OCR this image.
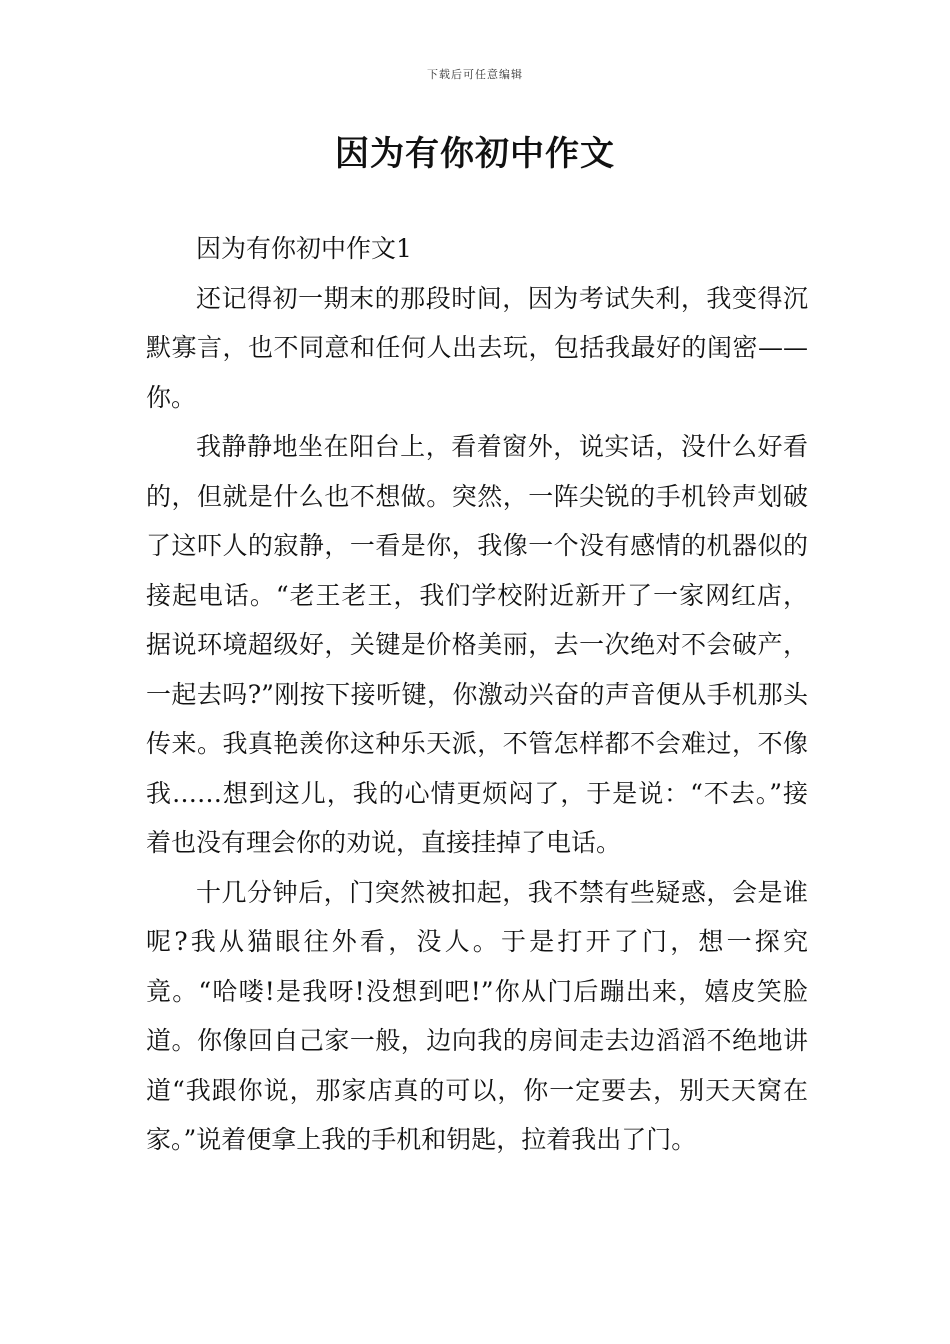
下载后可任意编辑
因为有你初中作文

因为有你初中作文1

还记得初一期末的那段时间，因为考试失利，我变得沉默寡言，也不同意和任何人出去玩，包括我最好的闺密——你。

我静静地坐在阳台上，看着窗外，说实话，没什么好看的，但就是什么也不想做。突然，一阵尖锐的手机铃声划破了这吓人的寂静，一看是你，我像一个没有感情的机器似的接起电话。“老王老王，我们学校附近新开了一家网红店，据说环境超级好，关键是价格美丽，去一次绝对不会破产，一起去吗?”刚按下接听键，你激动兴奋的声音便从手机那头传来。我真艳羡你这种乐天派，不管怎样都不会难过，不像我……想到这儿，我的心情更烦闷了，于是说：“不去。”接着也没有理会你的劝说，直接挂掉了电话。

十几分钟后，门突然被扣起，我不禁有些疑惑，会是谁呢?我从猫眼往外看，没人。于是打开了门，想一探究竟。“哈喽!是我呀!没想到吧!”你从门后蹦出来，嬉皮笑脸道。你像回自己家一般，边向我的房间走去边滔滔不绝地讲道“我跟你说，那家店真的可以，你一定要去，别天天窝在家。”说着便拿上我的手机和钥匙，拉着我出了门。
